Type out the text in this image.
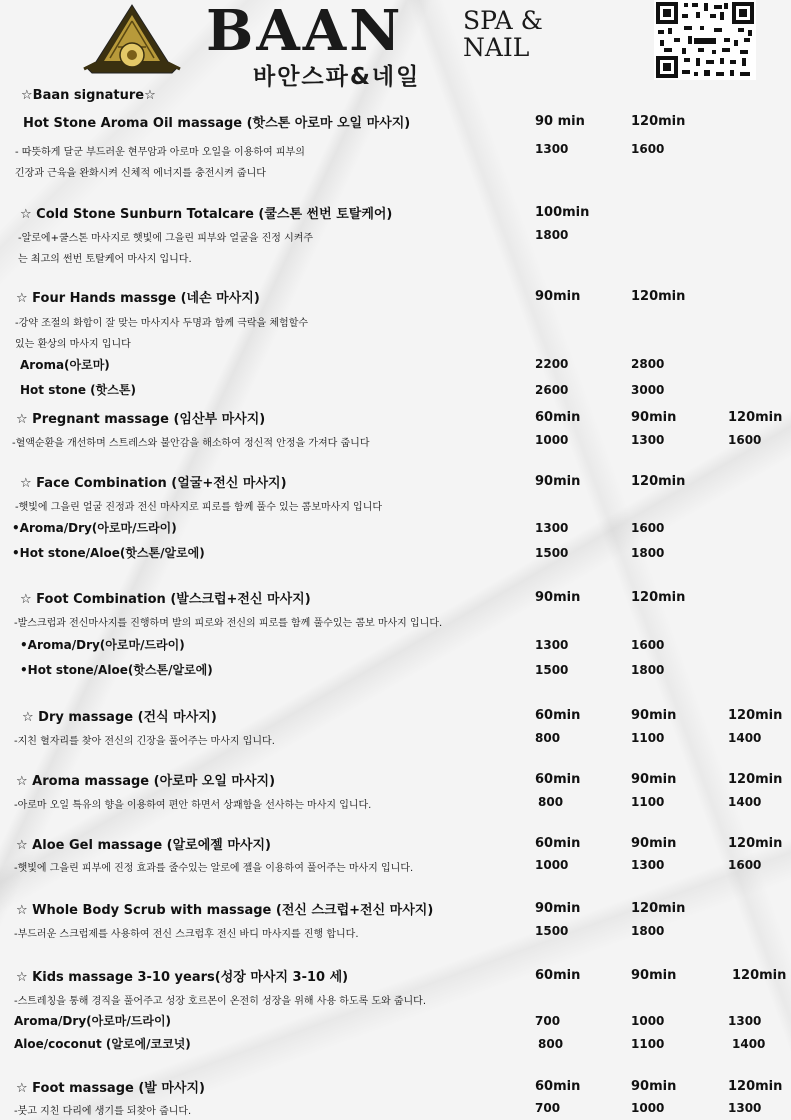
BAAN SPA &
NAIL
바안스파&네일
☆Baan signature☆
Hot Stone Aroma Oil massage (핫스톤 아로마 오일 마사지)	90 min	120min
- 따뜻하게 달군 부드러운 현무암과 아로마 오일을 이용하여 피부의
긴장과 근육을 완화시켜 신체적 에너지를 충전시켜 줍니다
1300	1600
☆ Cold Stone Sunburn Totalcare (쿨스톤 썬번 토탈케어)	100min
-알로에+쿨스톤 마사지로 햇빛에 그을린 피부와 얼굴을 진정 시켜주
는 최고의 썬번 토탈케어 마사지 입니다.
1800
☆ Four Hands massge (네손 마사지)	90min	120min
-강약 조절의 화합이 잘 맞는 마사지사 두명과 함께 극락을 체험할수
있는 환상의 마사지 입니다
Aroma(아로마)	2200	2800
Hot stone (핫스톤)	2600	3000
☆ Pregnant massage (임산부 마사지)	60min	90min	120min
-혈액순환을 개선하며 스트레스와 불안감을 해소하여 정신적 안정을 가져다 줍니다	1000	1300	1600
☆ Face Combination (얼굴+전신 마사지)	90min	120min
-햇빛에 그을린 얼굴 진정과 전신 마사지로 피로를 함께 풀수 있는 콤보마사지 입니다
•Aroma/Dry(아로마/드라이)	1300	1600
•Hot stone/Aloe(핫스톤/알로에)	1500	1800
☆ Foot Combination (발스크럽+전신 마사지)	90min	120min
-발스크럽과 전신마사지를 진행하며 발의 피로와 전신의 피로를 함께 풀수있는 콤보 마사지 입니다.
•Aroma/Dry(아로마/드라이)	1300	1600
•Hot stone/Aloe(핫스톤/알로에)	1500	1800
☆ Dry massage (건식 마사지)	60min	90min	120min
-지친 혈자리를 찾아 전신의 긴장을 풀어주는 마사지 입니다.	800	1100	1400
☆ Aroma massage (아로마 오일 마사지)	60min	90min	120min
-아로마 오일 특유의 향을 이용하여 편안 하면서 상쾌함을 선사하는 마사지 입니다.	800	1100	1400
☆ Aloe Gel massage (알로에젤 마사지)	60min	90min	120min
-햇빛에 그을린 피부에 진정 효과를 줄수있는 알로에 젤을 이용하여 풀어주는 마사지 입니다.	1000	1300	1600
☆ Whole Body Scrub with massage (전신 스크럽+전신 마사지)	90min	120min
-부드러운 스크럽제를 사용하여 전신 스크럽후 전신 바디 마사지를 진행 합니다.	1500	1800
☆ Kids massage 3-10 years(성장 마사지 3-10 세)	60min	90min	120min
-스트레칭을 통해 경직을 풀어주고 성장 호르몬이 온전히 성장을 위해 사용 하도록 도와 줍니다.
Aroma/Dry(아로마/드라이)	700	1000	1300
Aloe/coconut (알로에/코코넛)	800	1100	1400
☆ Foot massage (발 마사지)	60min	90min	120min
-붓고 지친 다리에 생기를 되찾아 줍니다.	700	1000	1300
